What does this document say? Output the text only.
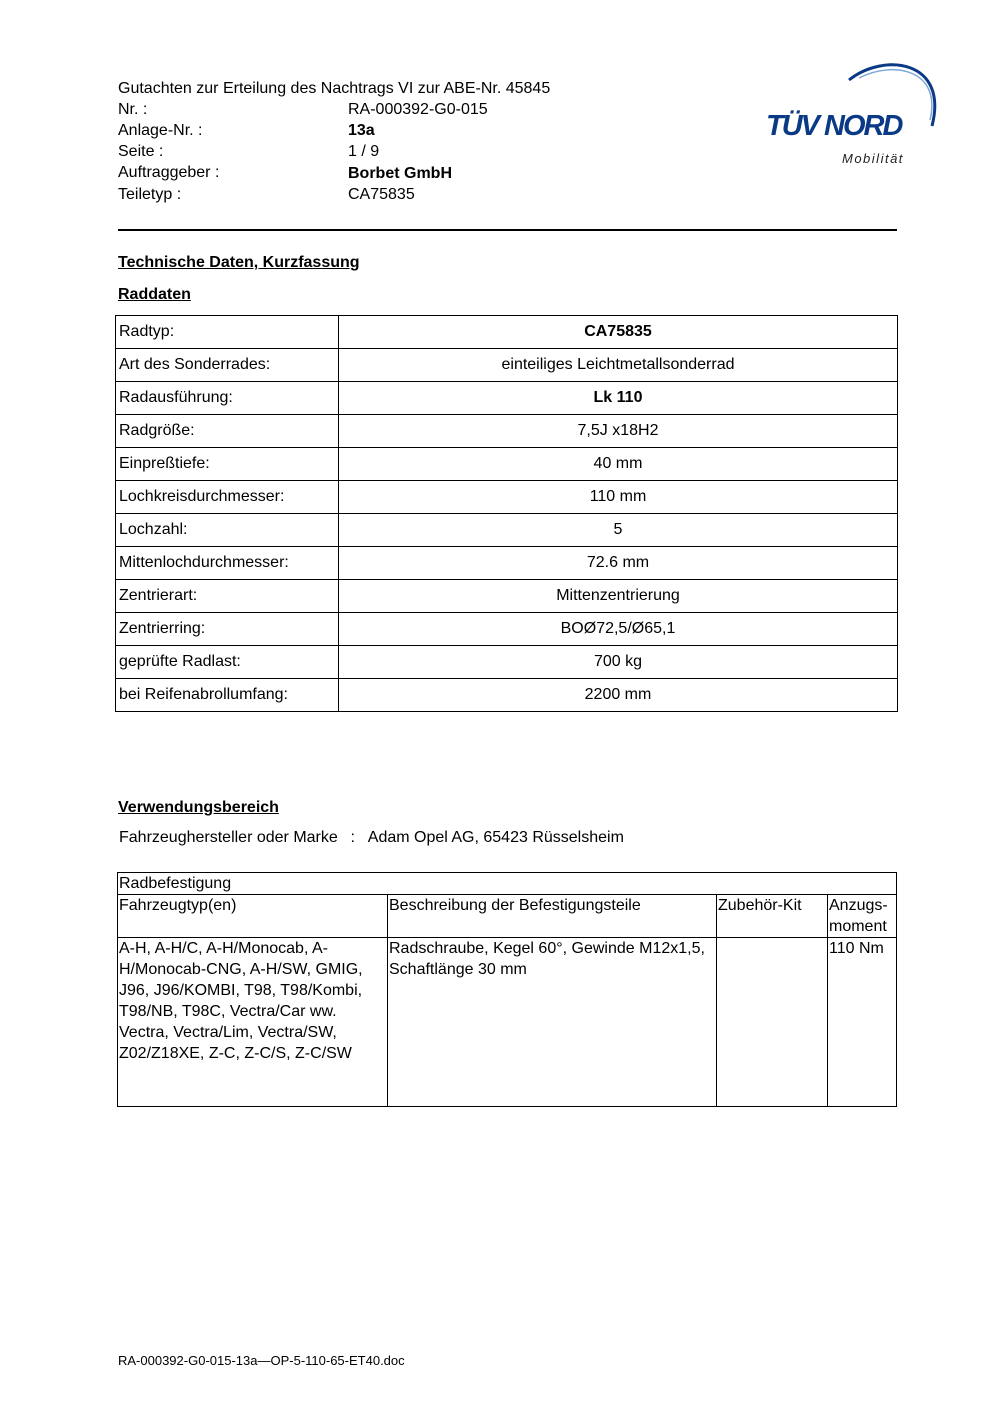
Gutachten zur Erteilung des Nachtrags VI zur ABE-Nr. 45845
Nr. :	RA-000392-G0-015
Anlage-Nr. :	13a
Seite :	1 / 9
Auftraggeber :	Borbet GmbH
Teiletyp :	CA75835
TÜV NORD
Mobilität
Technische Daten, Kurzfassung
Raddaten
Radtyp:	CA75835
Art des Sonderrades:	einteiliges Leichtmetallsonderrad
Radausführung:	Lk 110
Radgröße:	7,5J x18H2
Einpreßtiefe:	40 mm
Lochkreisdurchmesser:	110 mm
Lochzahl:	5
Mittenlochdurchmesser:	72.6 mm
Zentrierart:	Mittenzentrierung
Zentrierring:	BOØ72,5/Ø65,1
geprüfte Radlast:	700 kg
bei Reifenabrollumfang:	2200 mm
Verwendungsbereich
Fahrzeughersteller oder Marke : Adam Opel AG, 65423 Rüsselsheim
Radbefestigung			
Fahrzeugtyp(en)	Beschreibung der Befestigungsteile	Zubehör-Kit	Anzugs-moment
A-H, A-H/C, A-H/Monocab, A-H/Monocab-CNG, A-H/SW, GMIG, J96, J96/KOMBI, T98, T98/Kombi, T98/NB, T98C, Vectra/Car ww. Vectra, Vectra/Lim, Vectra/SW, Z02/Z18XE, Z-C, Z-C/S, Z-C/SW	Radschraube, Kegel 60°, Gewinde M12x1,5, Schaftlänge 30 mm		110 Nm
RA-000392-G0-015-13a—OP-5-110-65-ET40.doc
